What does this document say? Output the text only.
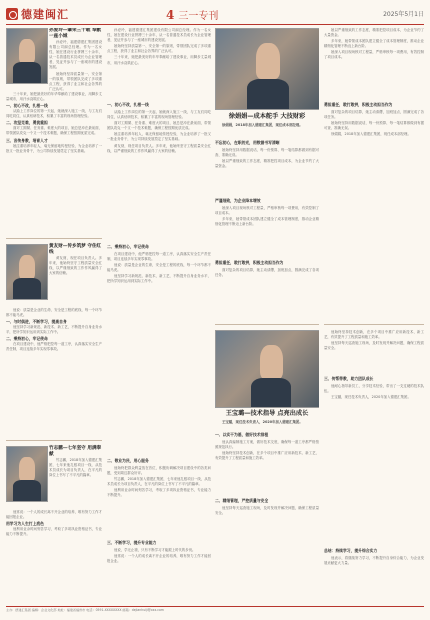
德建闽汇	4 三一专刊	2025年5月1日
孙爱玲—肇荣三十载 奉献一座小城

孙爱玲，福建德建汇集团建设有限公司副总经理。作为一名女性，她在建设行业拼搏三十余年，从一名普通技术员成长为企业管理者，见证并参与了一座城市的建设发展。

她始终坚持质量第一、安全第一的原则，带领团队完成了多项重点工程，获得了业主和社会各界的广泛认可。

三十年来，她把最美好的年华奉献给了建设事业，用脚步丈量城市，用汗水浇筑匠心。

一、初心不改，扎根一线

从踏上工作岗位的第一天起，她就深入施工一线，与工友们同吃同住，认真钻研技术，积累了丰富的现场管理经验。

二、攻坚克难，勇挑重担

面对工期紧、任务重、难度大的项目，她总是冲在最前面，带领团队攻克一个又一个技术难题，确保工程按期优质完成。

三、言传身教，培育人才

她注重培养年轻人，毫无保留地传授经验，为企业培养了一批又一批业务骨干，为公司持续发展奠定了坚实基础。

黄友财—传乡筑梦 守住红线

黄友财，现任项目负责人。多年来，他始终坚守工程质量安全红线，以严谨细致的工作作风赢得了大家的信赖。

他说：质量是企业的生命，安全是工程的底线，每一个环节都不能马虎。

一、与时俱进，不断学习，提高自身

他坚持学习新规范、新技术、新工艺，不断提升自身业务水平，把所学知识运用到实际工作中。

二、秉持初心，牢记使命

在项目建设中，他严格把控每一道工序，认真落实安全生产责任制，项目连续多年实现零事故。

竹志鹏—七年坚守 用满奉献

竹志鹏，2018年加入德建汇集团，七年来他扎根项目一线，从技术员成长为项目负责人，在平凡的岗位上书写了不平凡的篇章。

他常说：一个人的成长离不开企业的培养，唯有努力工作才能回报企业。

用学习为人生打上底色

他利用业余时间刻苦学习，考取了多项执业资格证书，专业能力不断提升。

孙爱玲，福建德建汇集团建设有限公司副总经理。作为一名女性，她在建设行业拼搏三十余年，从一名普通技术员成长为企业管理者，见证并参与了一座城市的建设发展。

她始终坚持质量第一、安全第一的原则，带领团队完成了多项重点工程，获得了业主和社会各界的广泛认可。

三十年来，她把最美好的年华奉献给了建设事业，用脚步丈量城市，用汗水浇筑匠心。

一、初心不改，扎根一线

从踏上工作岗位的第一天起，她就深入施工一线，与工友们同吃同住，认真钻研技术，积累了丰富的现场管理经验。

面对工期紧、任务重、难度大的项目，她总是冲在最前面，带领团队攻克一个又一个技术难题，确保工程按期优质完成。

她注重培养年轻人，毫无保留地传授经验，为企业培养了一批又一批业务骨干，为公司持续发展奠定了坚实基础。

黄友财，现任项目负责人。多年来，他始终坚守工程质量安全红线，以严谨细致的工作作风赢得了大家的信赖。

二、秉持初心，牢记使命

在项目建设中，他严格把控每一道工序，认真落实安全生产责任制，项目连续多年实现零事故。

他说：质量是企业的生命，安全是工程的底线，每一个环节都不能马虎。

他坚持学习新规范、新技术、新工艺，不断提升自身业务水平，把所学知识运用到实际工作中。

二、敬业为民，用心服务

他始终把群众利益放在首位，积极协调解决项目建设中的各类问题，受到周边群众好评。

竹志鹏，2018年加入德建汇集团，七年来他扎根项目一线，从技术员成长为项目负责人，在平凡的岗位上书写了不平凡的篇章。

他利用业余时间刻苦学习，考取了多项执业资格证书，专业能力不断提升。

三、不断学习，提升专业能力

他说，学无止境，只有不断学习才能跟上时代的步伐。

他常说：一个人的成长离不开企业的培养，唯有努力工作才能回报企业。

徐娟娟—成本舵手 大技财彩

徐娟娟，2018年加入德建汇集团，现任成本部经理。

不忘初心，在职的光，用数据书写清晰

她始终坚持用数据说话，每一份预算、每一笔结算都做到有据可查、准确无误。

她以严谨细致的工作态度，精准把控项目成本，为企业节约了大量资金。

严谨细致，为企业降本增效

她深入项目现场核对工程量，严格审核每一项费用，有效控制了项目成本。

多年来，她带领成本团队建立健全了成本管理制度，推动企业精细化管理不断迈上新台阶。

勇担重任，敢打敢拼，积极主动担当作为

面对复杂的项目结算，她主动请缨，加班加点，圆满完成了各项任务。

王宝璐—技术指导 点亮出成长

王宝璐，现任技术负责人，2020年加入德建汇集团。

一、以实干为基，做好技术排程

他认真编制施工方案，做好技术交底，确保每一道工序都严格按照规范执行。

他始终坚持技术创新，在多个项目中推广应用新技术、新工艺，有效提升了工程质量和施工效率。

二、精细管理，严控质量与安全

他坚持每天巡查施工现场，及时发现并解决问题，确保工程质量安全。

她以严谨细致的工作态度，精准把控项目成本，为企业节约了大量资金。

多年来，她带领成本团队建立健全了成本管理制度，推动企业精细化管理不断迈上新台阶。

她深入项目现场核对工程量，严格审核每一项费用，有效控制了项目成本。

勇担重任，敢打敢拼，积极主动担当作为

面对复杂的项目结算，她主动请缨，加班加点，圆满完成了各项任务。

她始终坚持用数据说话，每一份预算、每一笔结算都做到有据可查、准确无误。

徐娟娟，2018年加入德建汇集团，现任成本部经理。

他始终坚持技术创新，在多个项目中推广应用新技术、新工艺，有效提升了工程质量和施工效率。

他坚持每天巡查施工现场，及时发现并解决问题，确保工程质量安全。

三、传帮带教，助力团队成长

他耐心指导新员工，分享技术经验，带出了一支过硬的技术队伍。

王宝璐，现任技术负责人，2020年加入德建汇集团。

总结：持续学习，提升综合实力

他表示，将继续努力学习，不断提升自身综合能力，为企业发展贡献更大力量。

主办：德建汇集团 编辑：企业文化部 地址：福建省福州市 电话：0591-XXXXXXXX 邮箱：dejianhuiji@xxx.com
